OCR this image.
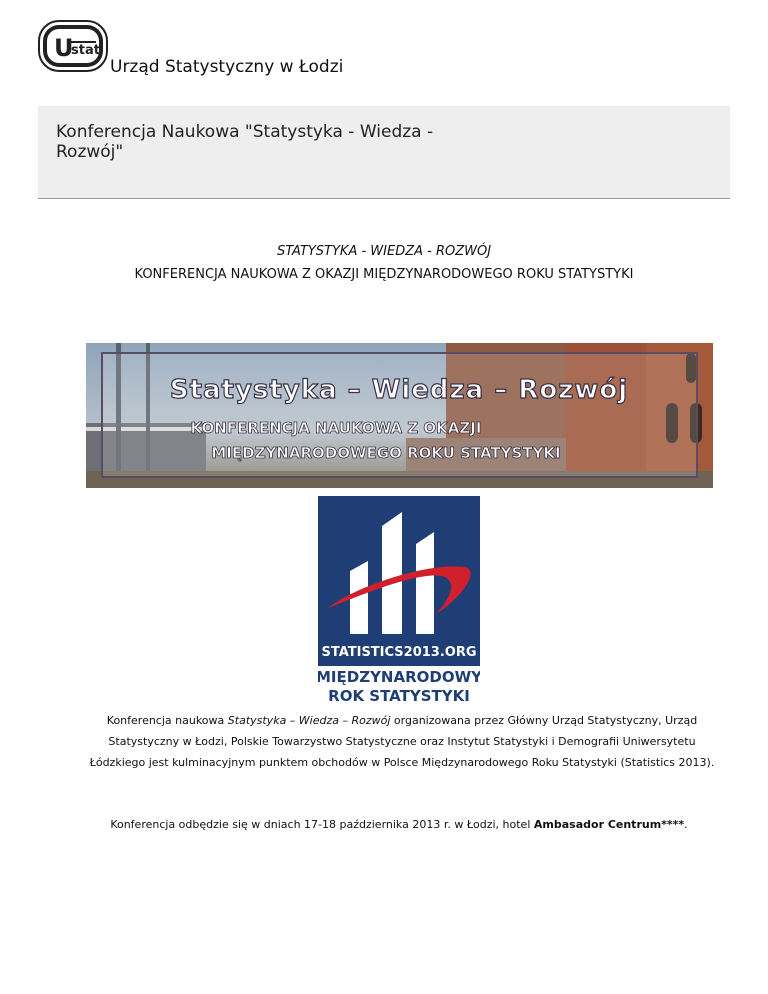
U
stat
Urząd Statystyczny w Łodzi
Konferencja Naukowa "Statystyka - Wiedza - Rozwój"
STATYSTYKA - WIEDZA - ROZWÓJ
KONFERENCJA NAUKOWA Z OKAZJI MIĘDZYNARODOWEGO ROKU STATYSTYKI
Statystyka – Wiedza – Rozwój
KONFERENCJA NAUKOWA Z OKAZJI
MIĘDZYNARODOWEGO ROKU STATYSTYKI
STATISTICS2013.ORG
MIĘDZYNARODOWY
ROK STATYSTYKI
Konferencja naukowa Statystyka – Wiedza – Rozwój organizowana przez Główny Urząd Statystyczny, Urząd Statystyczny w Łodzi, Polskie Towarzystwo Statystyczne oraz Instytut Statystyki i Demografii Uniwersytetu Łódzkiego jest kulminacyjnym punktem obchodów w Polsce Międzynarodowego Roku Statystyki (Statistics 2013).
Konferencja odbędzie się w dniach 17-18 października 2013 r. w Łodzi, hotel Ambasador Centrum****.
